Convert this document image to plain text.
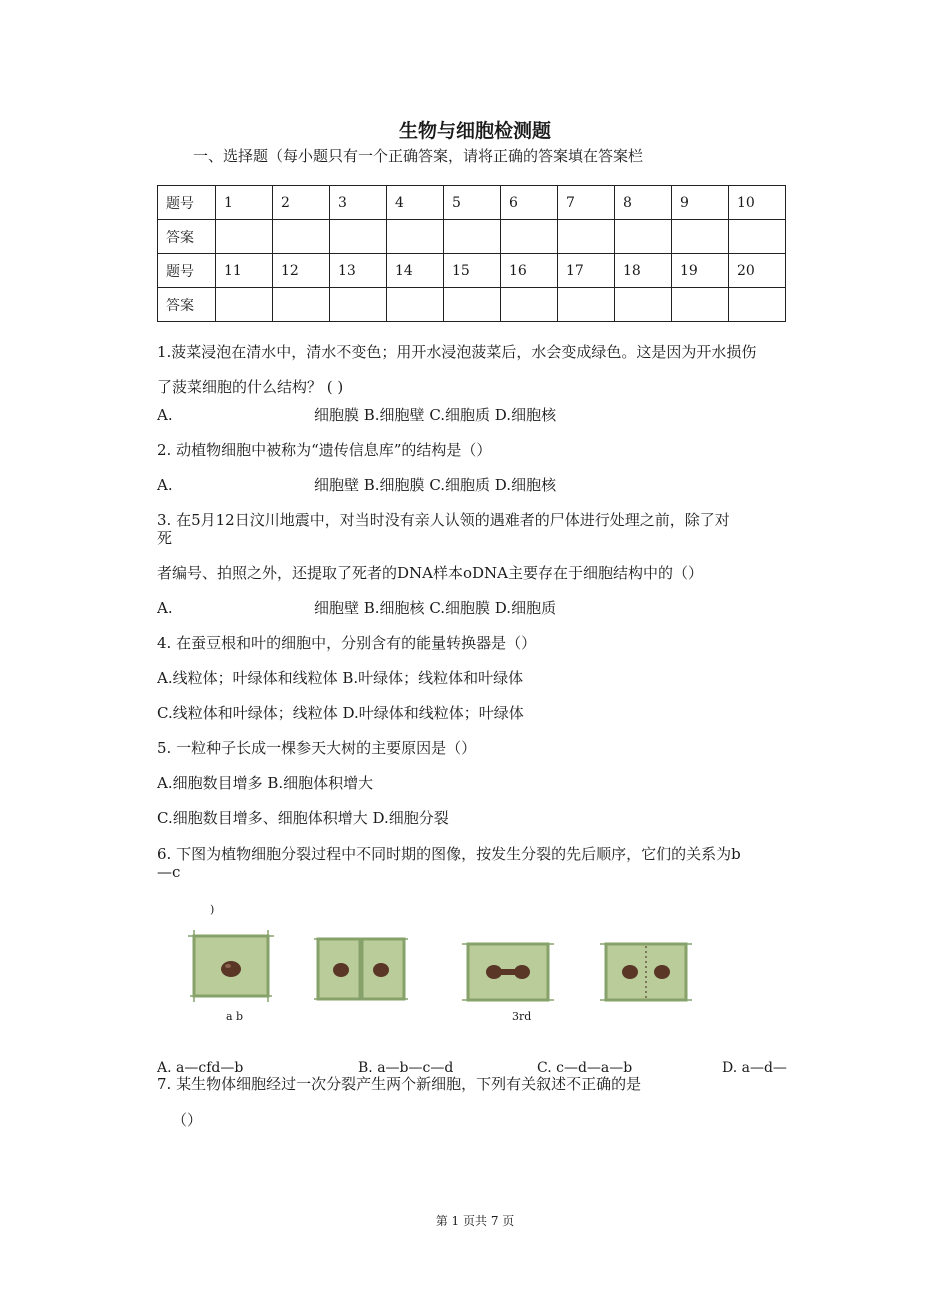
生物与细胞检测题
一、选择题（每小题只有一个正确答案，请将正确的答案填在答案栏
题号	1	2	3	4	5	6	7	8	9	10
答案										
题号	11	12	13	14	15	16	17	18	19	20
答案										
1.菠菜浸泡在清水中，清水不变色；用开水浸泡菠菜后，水会变成绿色。这是因为开水损伤
了菠菜细胞的什么结构？ ( )
A.	细胞膜 B.细胞壁 C.细胞质 D.细胞核
2. 动植物细胞中被称为“遗传信息库”的结构是（）
A.	细胞壁 B.细胞膜 C.细胞质 D.细胞核
3. 在5月12日汶川地震中，对当时没有亲人认领的遇难者的尸体进行处理之前，除了对
死
者编号、拍照之外，还提取了死者的DNA样本oDNA主要存在于细胞结构中的（）
A.	细胞壁 B.细胞核 C.细胞膜 D.细胞质
4. 在蚕豆根和叶的细胞中，分别含有的能量转换器是（）
A.线粒体；叶绿体和线粒体 B.叶绿体；线粒体和叶绿体
C.线粒体和叶绿体；线粒体 D.叶绿体和线粒体；叶绿体
5. 一粒种子长成一棵参天大树的主要原因是（）
A.细胞数目增多 B.细胞体积增大
C.细胞数目增多、细胞体积增大 D.细胞分裂
6. 下图为植物细胞分裂过程中不同时期的图像，按发生分裂的先后顺序，它们的关系为b
—c
)
a b	3rd
A. a—cfd—b	B. a—b—c—d	C. c—d—a—b	D. a—d—
7. 某生物体细胞经过一次分裂产生两个新细胞，下列有关叙述不正确的是
（）
第 1 页共 7 页
